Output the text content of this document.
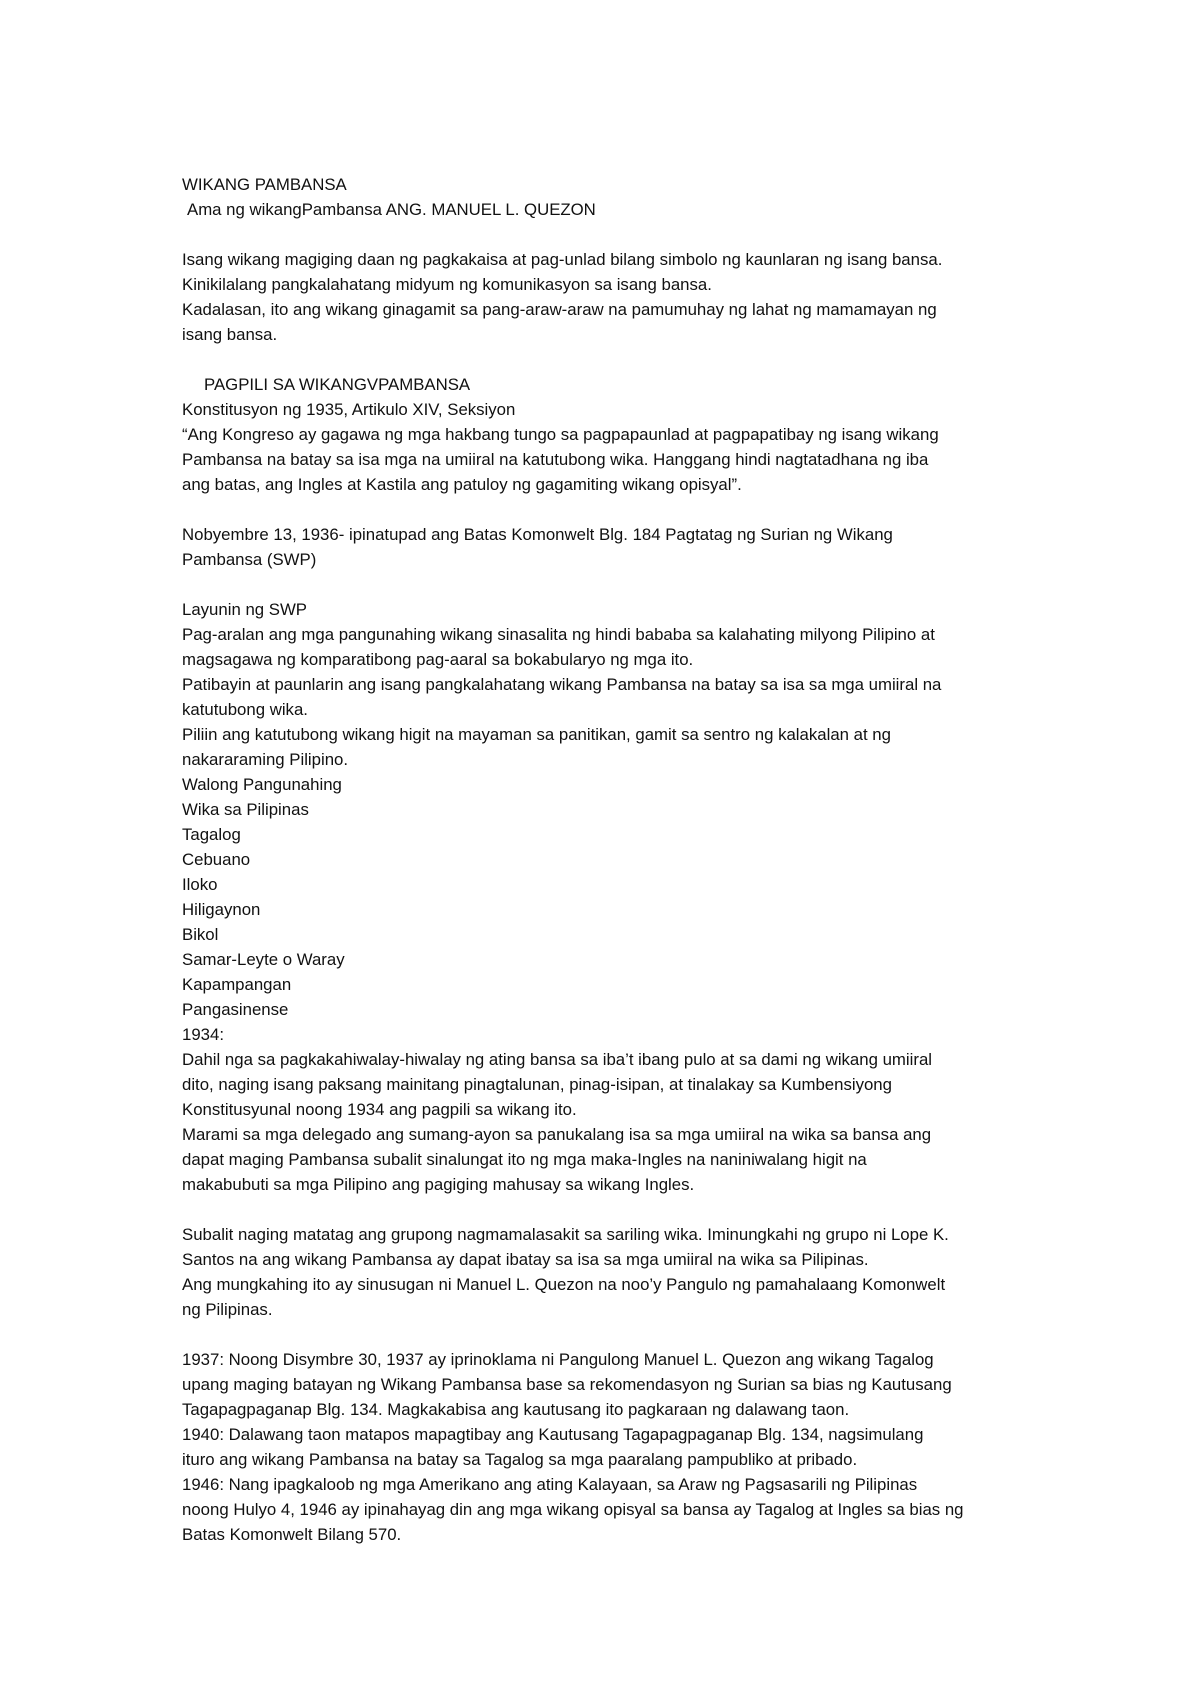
WIKANG PAMBANSA
Ama ng wikangPambansa ANG. MANUEL L. QUEZON
Isang wikang magiging daan ng pagkakaisa at pag-unlad bilang simbolo ng kaunlaran ng isang bansa.
Kinikilalang pangkalahatang midyum ng komunikasyon sa isang bansa.
Kadalasan, ito ang wikang ginagamit sa pang-araw-araw na pamumuhay ng lahat ng mamamayan ng
isang bansa.
PAGPILI SA WIKANGVPAMBANSA
Konstitusyon ng 1935, Artikulo XIV, Seksiyon
“Ang Kongreso ay gagawa ng mga hakbang tungo sa pagpapaunlad at pagpapatibay ng isang wikang
Pambansa na batay sa isa mga na umiiral na katutubong wika. Hanggang hindi nagtatadhana ng iba
ang batas, ang Ingles at Kastila ang patuloy ng gagamiting wikang opisyal”.
Nobyembre 13, 1936- ipinatupad ang Batas Komonwelt Blg. 184 Pagtatag ng Surian ng Wikang
Pambansa (SWP)
Layunin ng SWP
Pag-aralan ang mga pangunahing wikang sinasalita ng hindi bababa sa kalahating milyong Pilipino at
magsagawa ng komparatibong pag-aaral sa bokabularyo ng mga ito.
Patibayin at paunlarin ang isang pangkalahatang wikang Pambansa na batay sa isa sa mga umiiral na
katutubong wika.
Piliin ang katutubong wikang higit na mayaman sa panitikan, gamit sa sentro ng kalakalan at ng
nakararaming Pilipino.
Walong Pangunahing
Wika sa Pilipinas
Tagalog
Cebuano
Iloko
Hiligaynon
Bikol
Samar-Leyte o Waray
Kapampangan
Pangasinense
1934:
Dahil nga sa pagkakahiwalay-hiwalay ng ating bansa sa iba’t ibang pulo at sa dami ng wikang umiiral
dito, naging isang paksang mainitang pinagtalunan, pinag-isipan, at tinalakay sa Kumbensiyong
Konstitusyunal noong 1934 ang pagpili sa wikang ito.
Marami sa mga delegado ang sumang-ayon sa panukalang isa sa mga umiiral na wika sa bansa ang
dapat maging Pambansa subalit sinalungat ito ng mga maka-Ingles na naniniwalang higit na
makabubuti sa mga Pilipino ang pagiging mahusay sa wikang Ingles.
Subalit naging matatag ang grupong nagmamalasakit sa sariling wika. Iminungkahi ng grupo ni Lope K.
Santos na ang wikang Pambansa ay dapat ibatay sa isa sa mga umiiral na wika sa Pilipinas.
Ang mungkahing ito ay sinusugan ni Manuel L. Quezon na noo’y Pangulo ng pamahalaang Komonwelt
ng Pilipinas.
1937: Noong Disymbre 30, 1937 ay iprinoklama ni Pangulong Manuel L. Quezon ang wikang Tagalog
upang maging batayan ng Wikang Pambansa base sa rekomendasyon ng Surian sa bias ng Kautusang
Tagapagpaganap Blg. 134. Magkakabisa ang kautusang ito pagkaraan ng dalawang taon.
1940: Dalawang taon matapos mapagtibay ang Kautusang Tagapagpaganap Blg. 134, nagsimulang
ituro ang wikang Pambansa na batay sa Tagalog sa mga paaralang pampubliko at pribado.
1946: Nang ipagkaloob ng mga Amerikano ang ating Kalayaan, sa Araw ng Pagsasarili ng Pilipinas
noong Hulyo 4, 1946 ay ipinahayag din ang mga wikang opisyal sa bansa ay Tagalog at Ingles sa bias ng
Batas Komonwelt Bilang 570.
